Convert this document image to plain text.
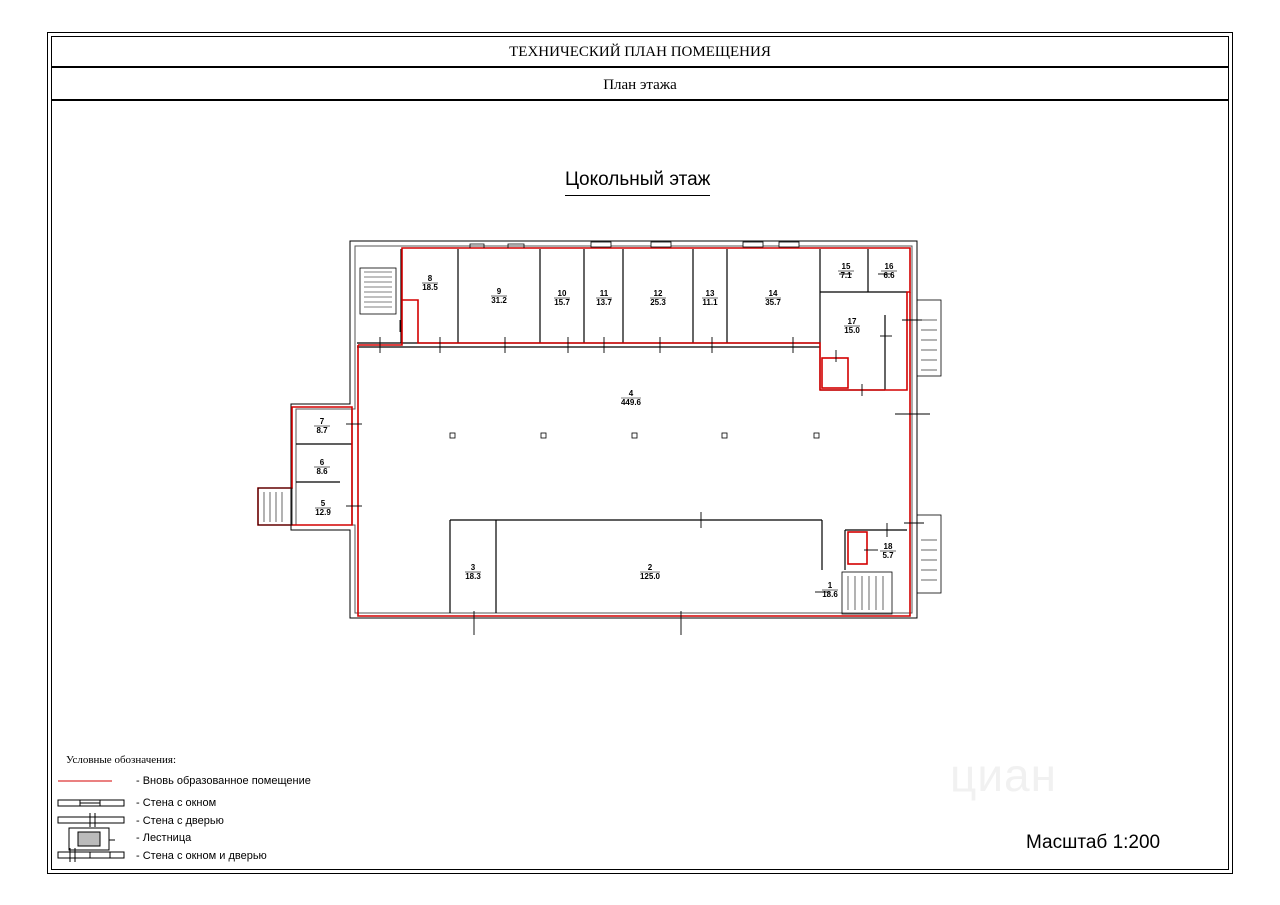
ТЕХНИЧЕСКИЙ ПЛАН ПОМЕЩЕНИЯ
План этажа
Цокольный этаж
1
18.6
2
125.0
3
18.3
4
449.6
5
12.9
6
8.6
7
8.7
8
18.5	9
31.2
10
15.7
11
13.7
12
25.3
13
11.1
14
35.7
15
7.1
16
6.6
17
15.0
18
5.7
Условные обозначения:
- Вновь образованное помещение
- Стена с окном
- Стена с дверью
- Лестница
- Стена с окном и дверью
циан
Масштаб 1:200
